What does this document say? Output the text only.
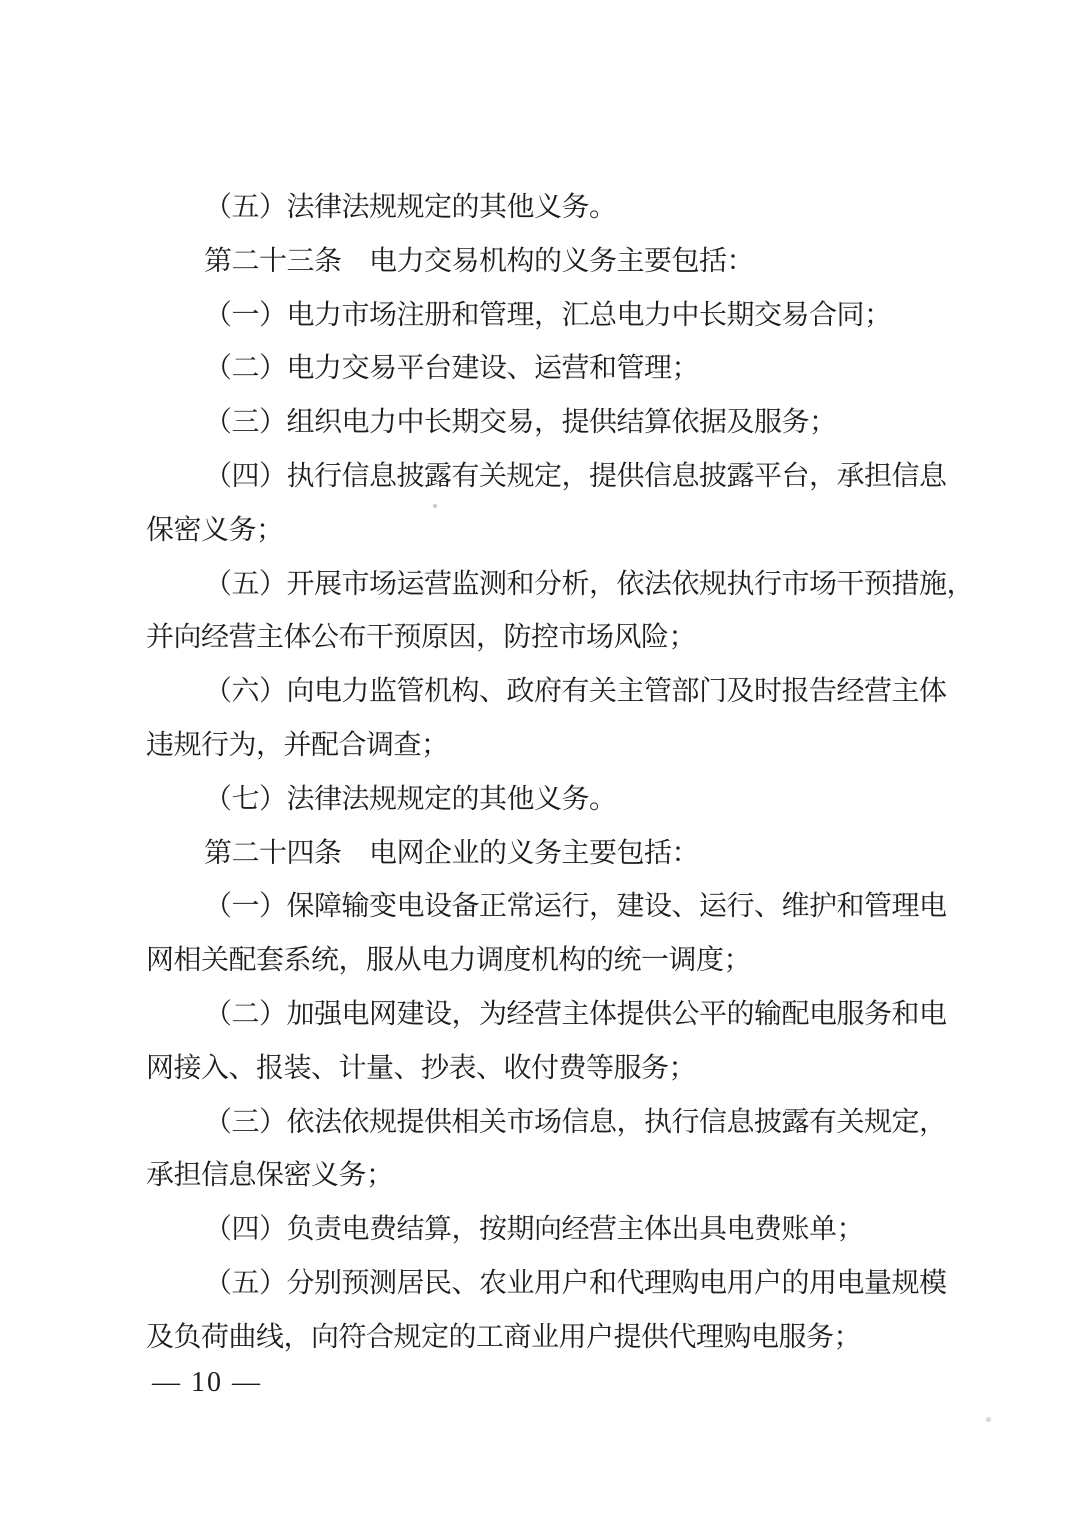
（五）法律法规规定的其他义务。
第二十三条　电力交易机构的义务主要包括：
（一）电力市场注册和管理，汇总电力中长期交易合同；
（二）电力交易平台建设、运营和管理；
（三）组织电力中长期交易，提供结算依据及服务；
（四）执行信息披露有关规定，提供信息披露平台，承担信息
保密义务；
（五）开展市场运营监测和分析，依法依规执行市场干预措施，
并向经营主体公布干预原因，防控市场风险；
（六）向电力监管机构、政府有关主管部门及时报告经营主体
违规行为，并配合调查；
（七）法律法规规定的其他义务。
第二十四条　电网企业的义务主要包括：
（一）保障输变电设备正常运行，建设、运行、维护和管理电
网相关配套系统，服从电力调度机构的统一调度；
（二）加强电网建设，为经营主体提供公平的输配电服务和电
网接入、报装、计量、抄表、收付费等服务；
（三）依法依规提供相关市场信息，执行信息披露有关规定，
承担信息保密义务；
（四）负责电费结算，按期向经营主体出具电费账单；
（五）分别预测居民、农业用户和代理购电用户的用电量规模
及负荷曲线，向符合规定的工商业用户提供代理购电服务；
— 10 —
